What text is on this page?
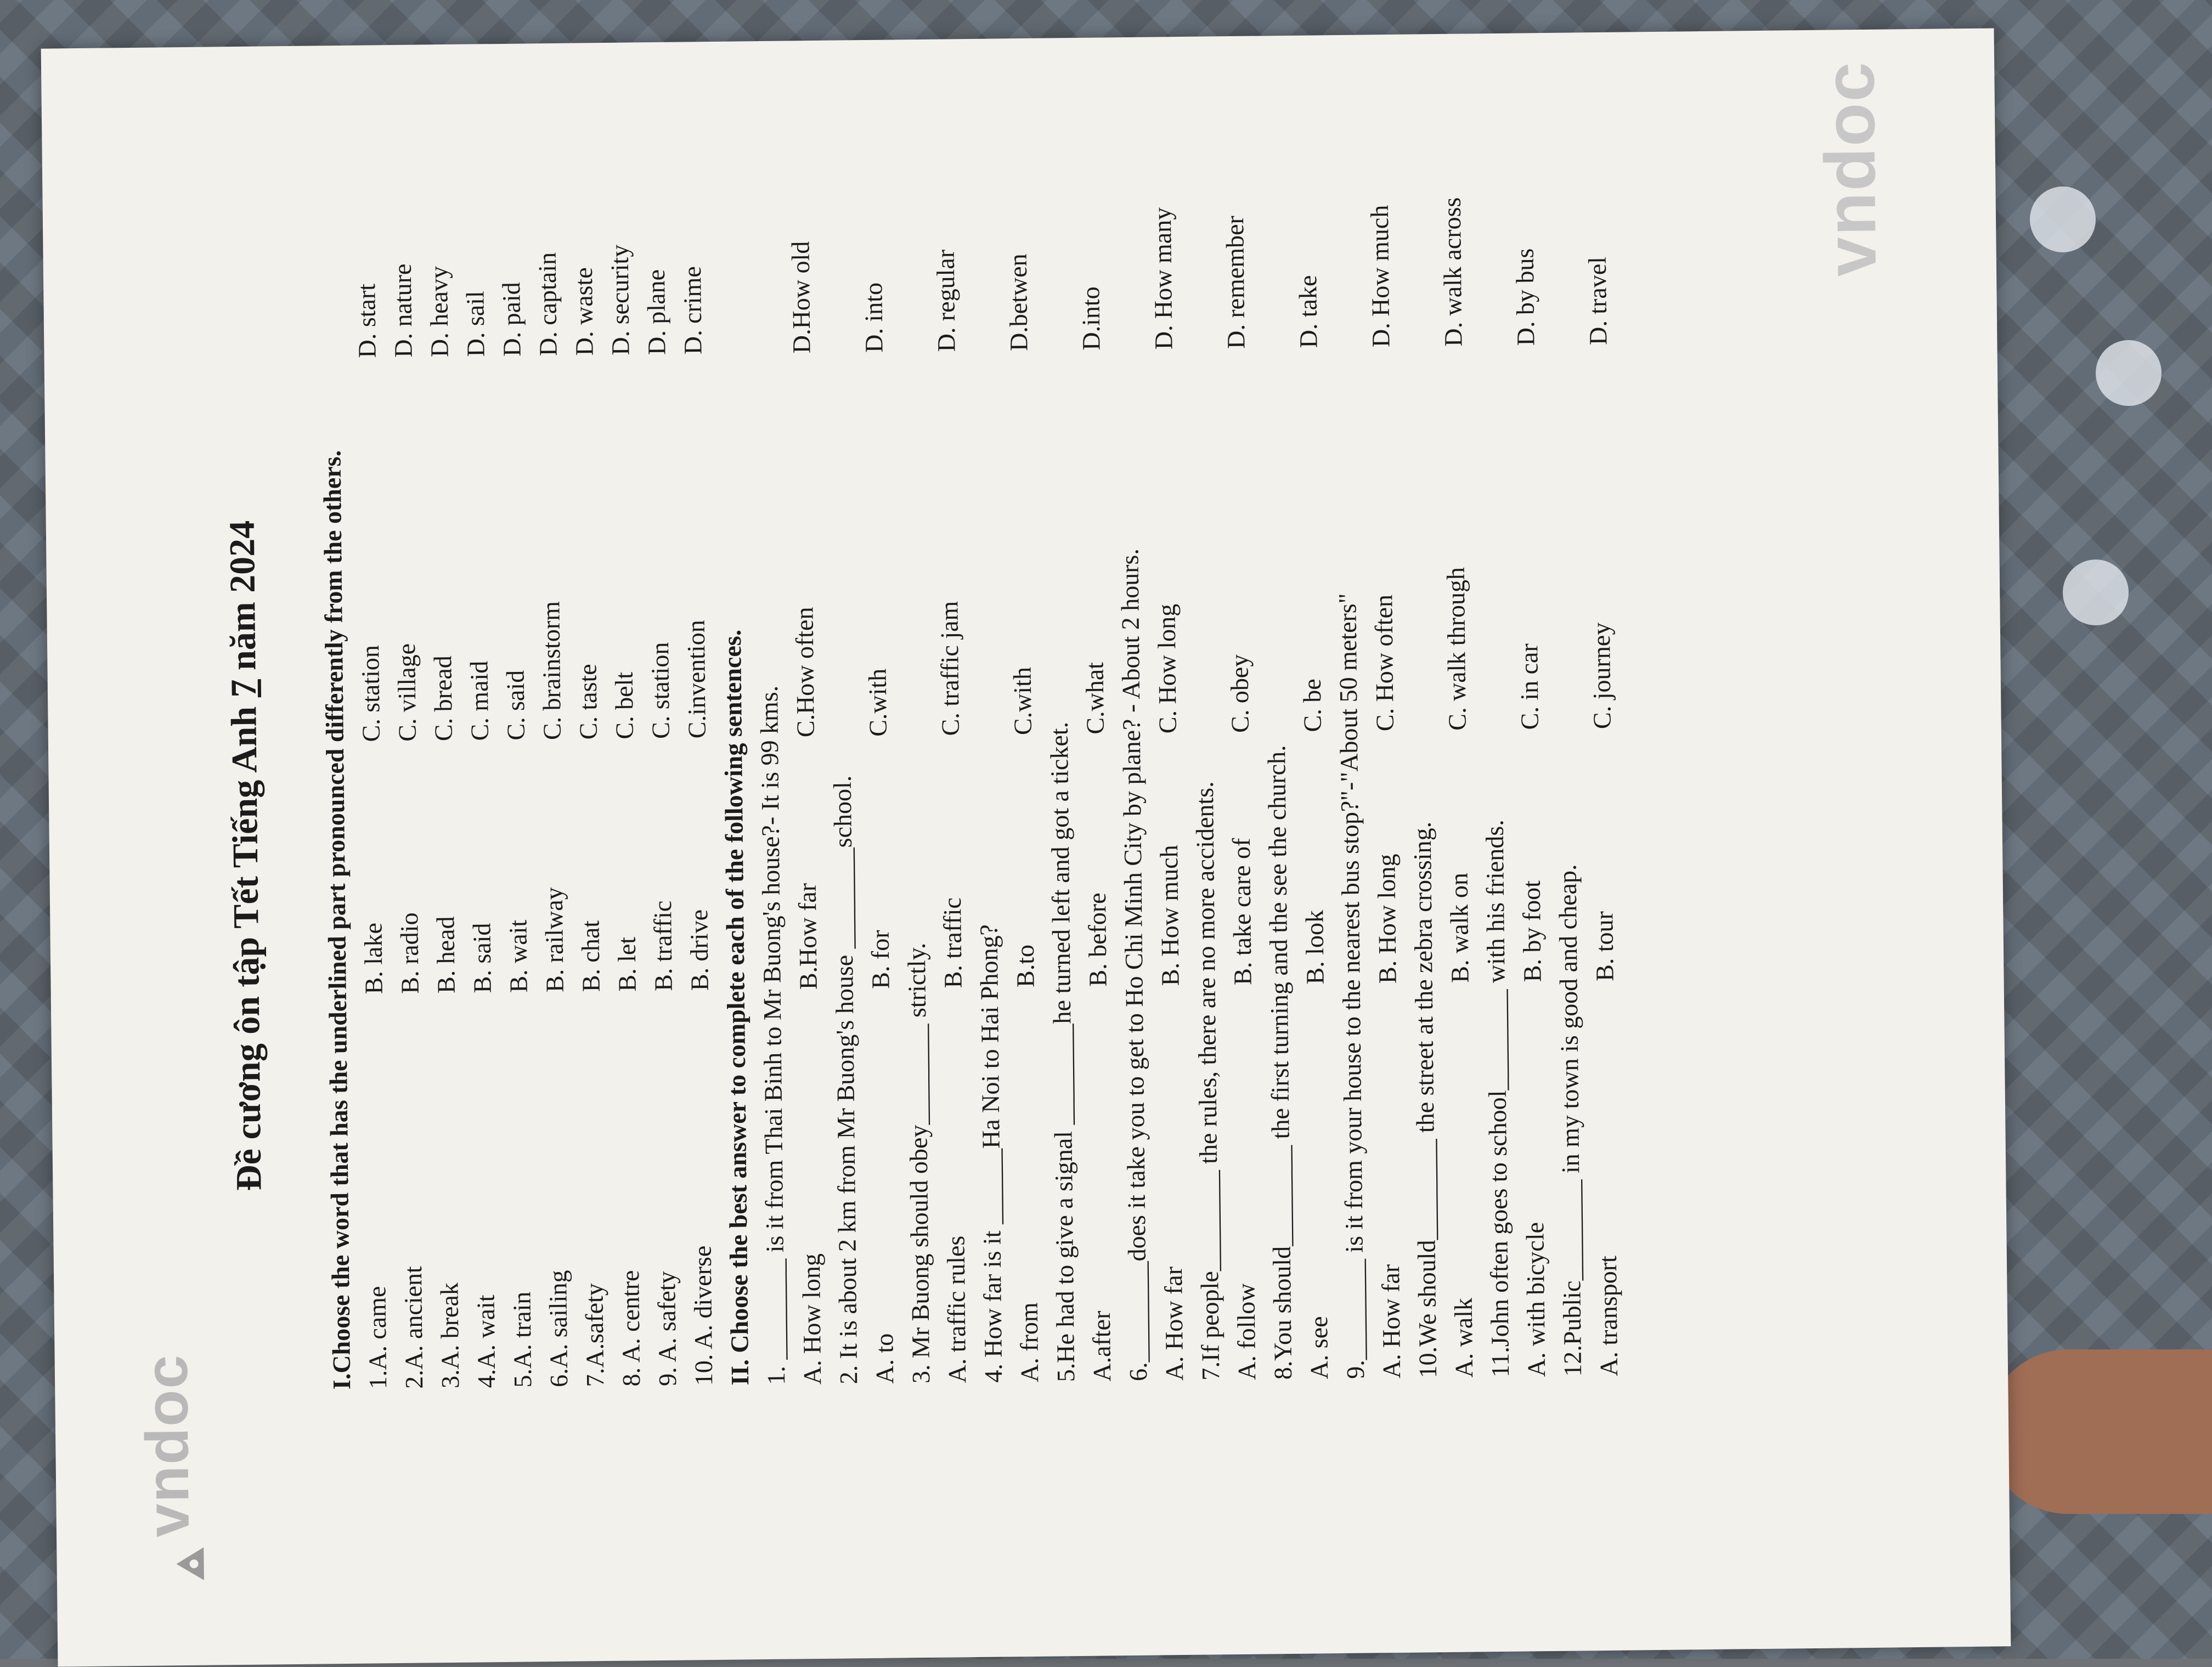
vndoc
Đề cương ôn tập Tết Tiếng Anh 7 năm 2024	I.Choose the word that has the underlined part pronounced differently from the others. 1.A. came
B. lake
C. station
D. start
2.A. ancient
B. radio
C. village
D. nature
3.A. break
B. head
C. bread
D. heavy
4.A. wait
B. said
C. maid
D. sail
5.A. train
B. wait
C. said
D. paid
6.A. sailing
B. railway
C. brainstorm
D. captain
7.A.safety
B. chat
C. taste
D. waste
8. A. centre
B. let
C. belt
D. security
9. A. safety
B. traffic
C. station
D. plane
10. A. diverse
B. drive
C.invention
D. crime
II. Choose the best answer to complete each of the following sentences. 1. ________ is it from Thai Binh to Mr Buong's house?- It is 99 kms. A. How long
B.How far
C.How often
D.How old
2. It is about 2 km from Mr Buong's house ________school. A. to
B. for
C.with
D. into
3. Mr Buong should obey________ strictly. A. traffic rules
B. traffic
C. traffic jam
D. regular
4. How far is it ______Ha Noi to Hai Phong? A. from
B.to
C.with
D.betwen
5.He had to give a signal ________he turned left and got a ticket. A.after
B. before
C.what
D.into
6.________does it take you to get to Ho Chi Minh City by plane? - About 2 hours. A. How far
B. How much
C. How long
D. How many
7.If people________ the rules, there are no more accidents. A. follow
B. take care of
C. obey
D. remember
8.You should________ the first turning and the see the church. A. see
B. look
C. be
D. take
9.________ is it from your house to the nearest bus stop?"-"About 50 meters" A. How far
B. How long
C. How often
D. How much
10.We should________ the street at the zebra crossing. A. walk
B. walk on
C. walk through
D. walk across
11.John often goes to school________ with his friends. A. with bicycle
B. by foot
C. in car
D. by bus
12.Public________ in my town is good and cheap. A. transport
B. tour
C. journey
D. travel
vndoc
